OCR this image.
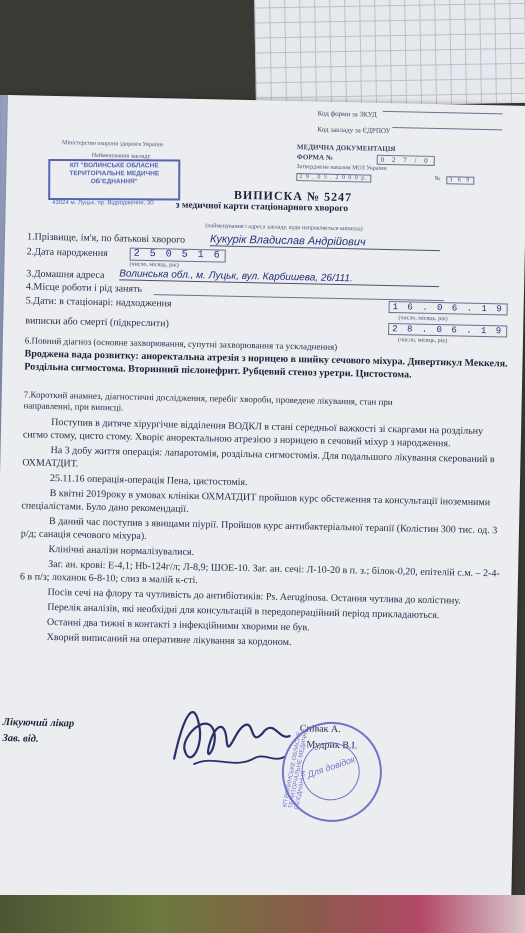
Код форми за ЗКУД
Код закладу за ЄДРПОУ
Міністерство охорони здоров'я України
Найменування закладу
МЕДИЧНА ДОКУМЕНТАЦІЯ
ФОРМА №	0 2 7 / 0
Затверджена наказом МОЗ України
2 9 . 0 5 . 2 0 0 0 р.	№	3 6 9
КП "ВОЛИНСЬКЕ ОБЛАСНЕ
ТЕРИТОРІАЛЬНЕ МЕДИЧНЕ
ОБ'ЄДНАННЯ"
43024 м. Луцьк, пр. Відродження, 30	ВИПИСКА № 5247
з медичної карти стаціонарного хворого
(найменування і адреса закладу, куди направляється виписка)
1.Прізвище, ім'я, по батькові хворого Кукурік Владислав Андрійович
2.Дата народження	2 5 0 5 1 6
(число, місяць, рік)
3.Домашня адреса Волинська обл., м. Луцьк, вул. Карбишева, 26/111.
4.Місце роботи і рід занять
5.Дати: в стаціонарі: надходження	1 6 . 0 6 . 1 9
(число, місяць, рік)
виписки або смерті (підкреслити)
2 8 . 0 6 . 1 9
(число, місяць, рік)
6.Повний діагноз (основне захворювання, супутні захворювання та ускладнення)
Вроджена вада розвитку: аноректальна атрезія з норицею в шийку сечового міхура. Дивертикул Меккеля. Роздільна сигмостома. Вторинний пієлонефрит. Рубцевий стеноз уретри. Цистостома.
7.Короткий анамнез, діагностичні дослідження, перебіг хвороби, проведене лікування, стан при направленні, при виписці.
Поступив в дитяче хірургічне відділення ВОДКЛ в стані середньої важкості зі скаргами на роздільну сигмо стому, цисто стому. Хворіє аноректальною атрезією з норицею в сечовий міхур з народження.
На 3 добу життя операція: лапаротомія, роздільна сигмостомія. Для подальшого лікування скерований в ОХМАТДИТ.
25.11.16 операція-операція Пена, цистостомія.
В квітні 2019року в умовах клініки ОХМАТДИТ пройшов курс обстеження та консультації іноземними спеціалістами. Було дано рекомендації.
В даний час поступив з явищами піурії. Пройшов курс антибактеріальної терапії (Колістин 300 тис. од. 3 р/д; санація сечового міхура).
Клінічні аналізи нормалізувалися.
Заг. ан. крові: Е-4,1; Нb-124г/л; Л-8,9; ШОЕ-10. Заг. ан. сечі: Л-10-20 в п. з.; білок-0,20, епітелій с.м. – 2-4-6 в п/з; лоханок 6-8-10; слиз в малій к-сті.
Посів сечі на флору та чутливість до антибіотиків: Ps. Aeruginosa. Остання чутлива до колістину.
Перелік аналізів, які необхідні для консультацій в передопераційний період прикладаються.
Останні два тижні в контакті з інфекційними хворими не був.
Хворий виписаний на оперативне лікування за кордоном.
Лікуючий лікар
Зав. від.
Співак А.
Мудрик В.І.
КП ВОЛИНСЬКЕ ОБЛАСНЕ ТЕРИТОРІАЛЬНЕ МЕДИЧНЕ ОБ'ЄДНАННЯ
Для довідок
